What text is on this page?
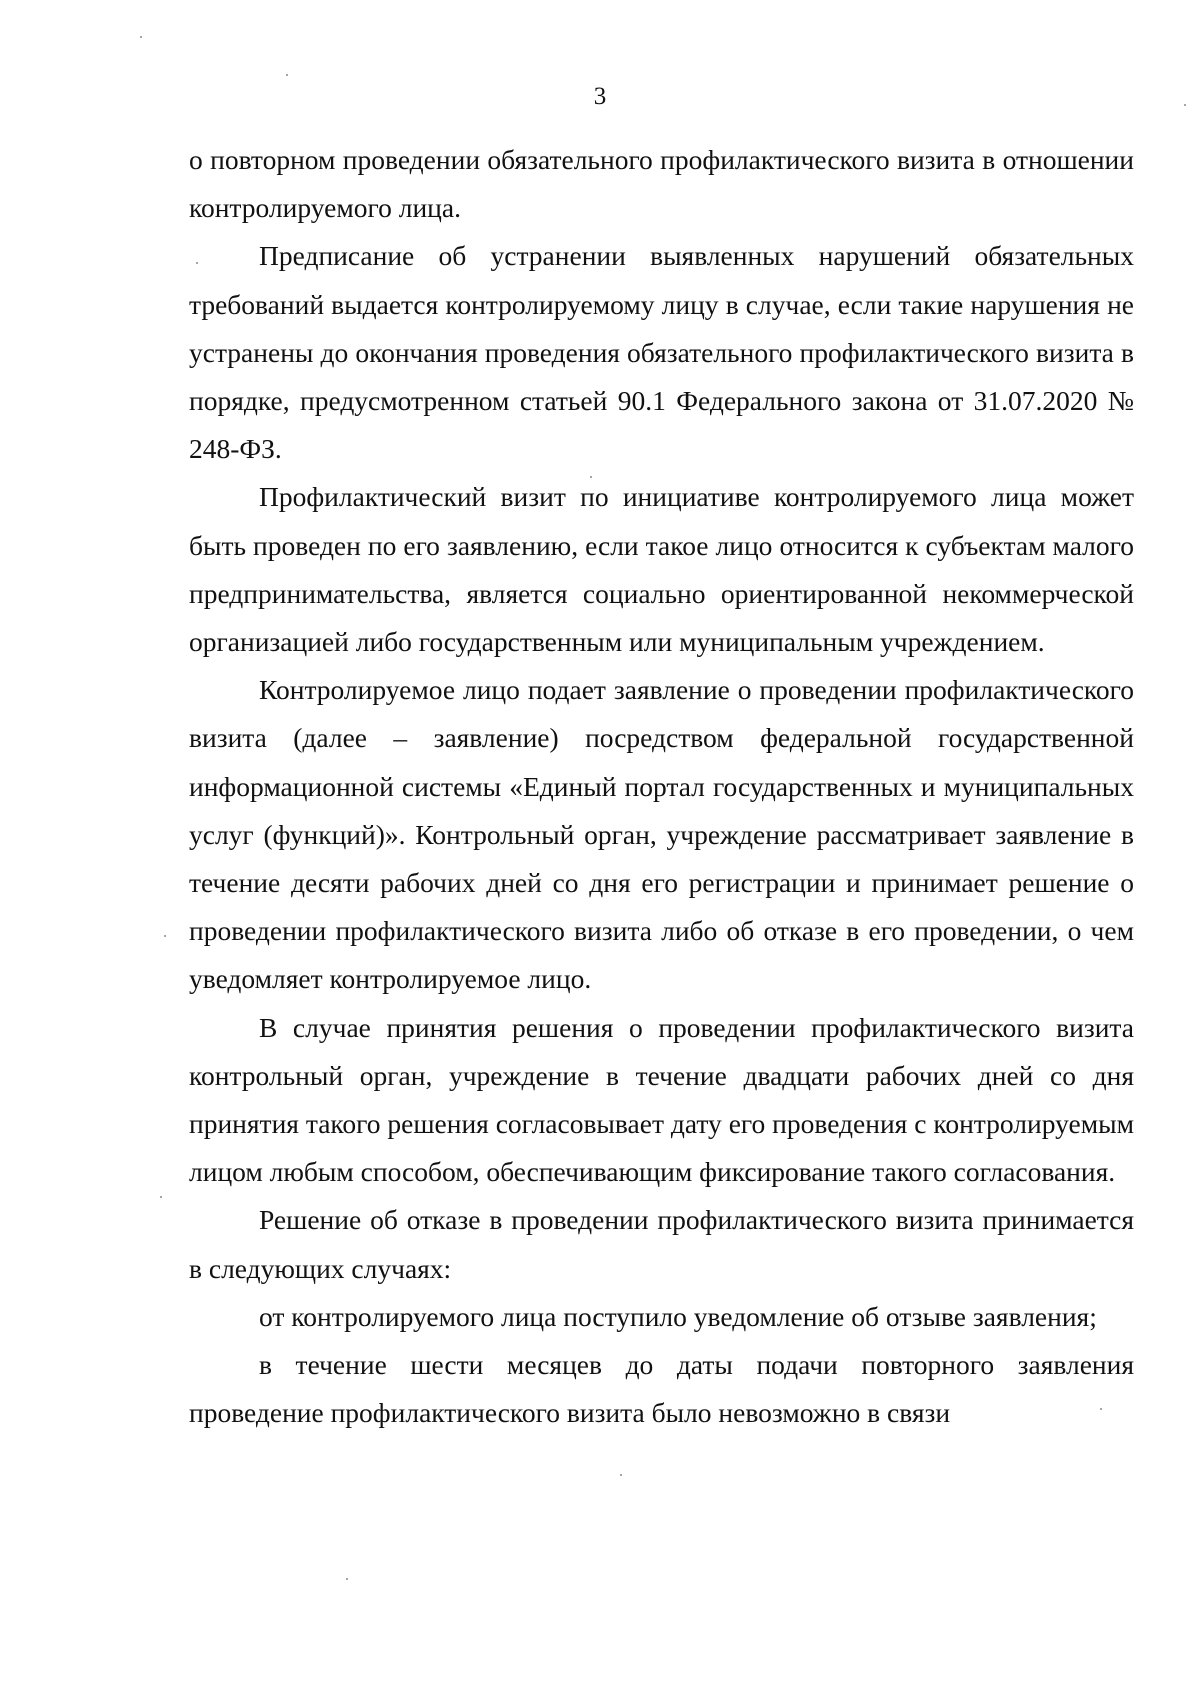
3

о повторном проведении обязательного профилактического визита в отношении контролируемого лица.

Предписание об устранении выявленных нарушений обязательных требований выдается контролируемому лицу в случае, если такие нарушения не устранены до окончания проведения обязательного профилактического визита в порядке, предусмотренном статьей 90.1 Федерального закона от 31.07.2020 № 248-ФЗ.

Профилактический визит по инициативе контролируемого лица может быть проведен по его заявлению, если такое лицо относится к субъектам малого предпринимательства, является социально ориентированной некоммерческой организацией либо государственным или муниципальным учреждением.

Контролируемое лицо подает заявление о проведении профилактического визита (далее – заявление) посредством федеральной государственной информационной системы «Единый портал государственных и муниципальных услуг (функций)». Контрольный орган, учреждение рассматривает заявление в течение десяти рабочих дней со дня его регистрации и принимает решение о проведении профилактического визита либо об отказе в его проведении, о чем уведомляет контролируемое лицо.

В случае принятия решения о проведении профилактического визита контрольный орган, учреждение в течение двадцати рабочих дней со дня принятия такого решения согласовывает дату его проведения с контролируемым лицом любым способом, обеспечивающим фиксирование такого согласования.

Решение об отказе в проведении профилактического визита принимается в следующих случаях:

от контролируемого лица поступило уведомление об отзыве заявления;

в течение шести месяцев до даты подачи повторного заявления проведение профилактического визита было невозможно в связи
